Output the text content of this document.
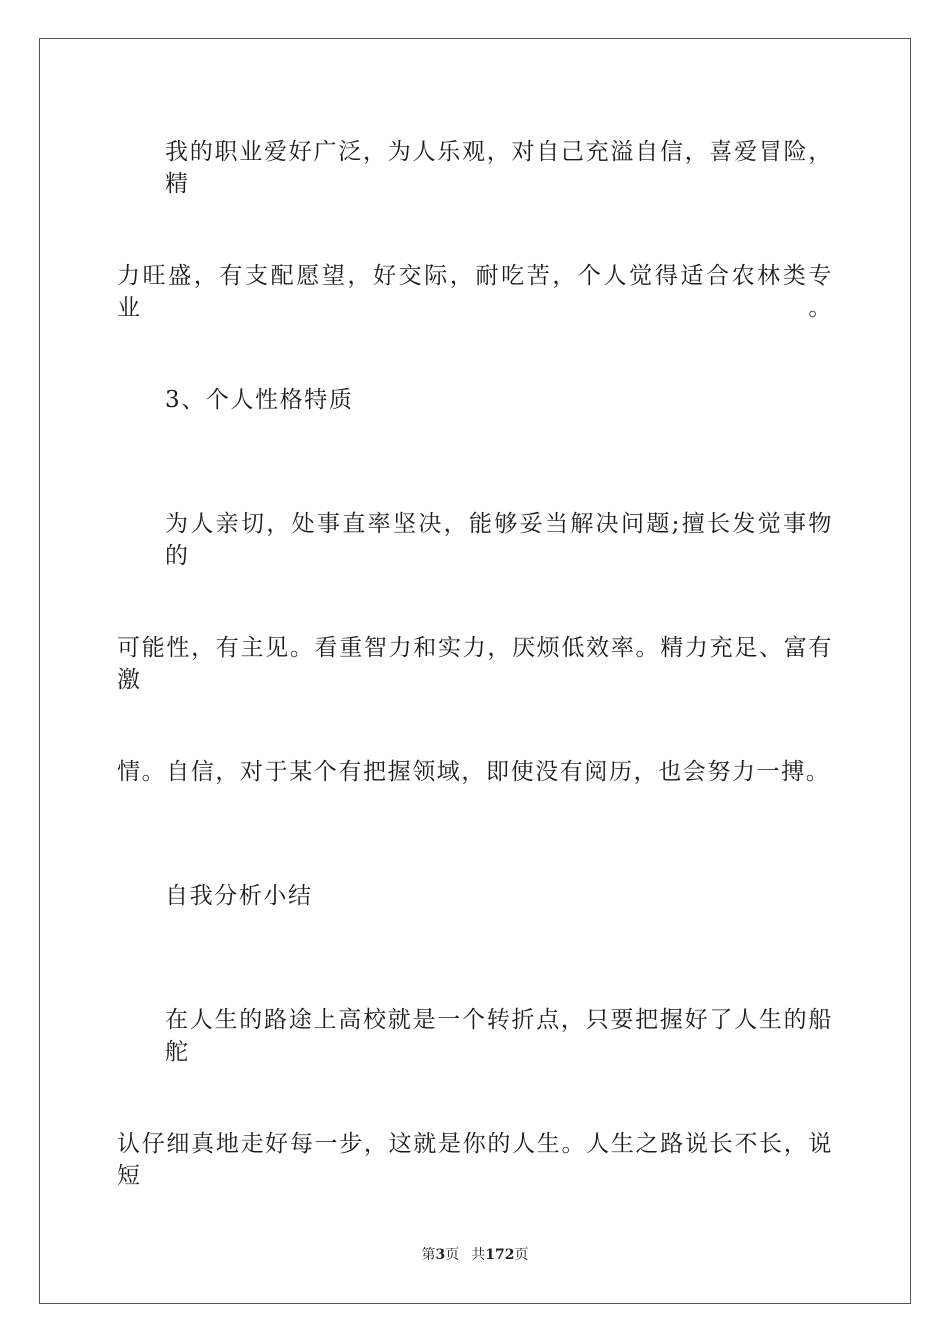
我的职业爱好广泛，为人乐观，对自己充溢自信，喜爱冒险，精
力旺盛，有支配愿望，好交际，耐吃苦，个人觉得适合农林类专业。
3、个人性格特质
为人亲切，处事直率坚决，能够妥当解决问题;擅长发觉事物的
可能性，有主见。看重智力和实力，厌烦低效率。精力充足、富有激
情。自信，对于某个有把握领域，即使没有阅历，也会努力一搏。
自我分析小结
在人生的路途上高校就是一个转折点，只要把握好了人生的船舵
认仔细真地走好每一步，这就是你的人生。人生之路说长不长，说短
第3页 共172页
